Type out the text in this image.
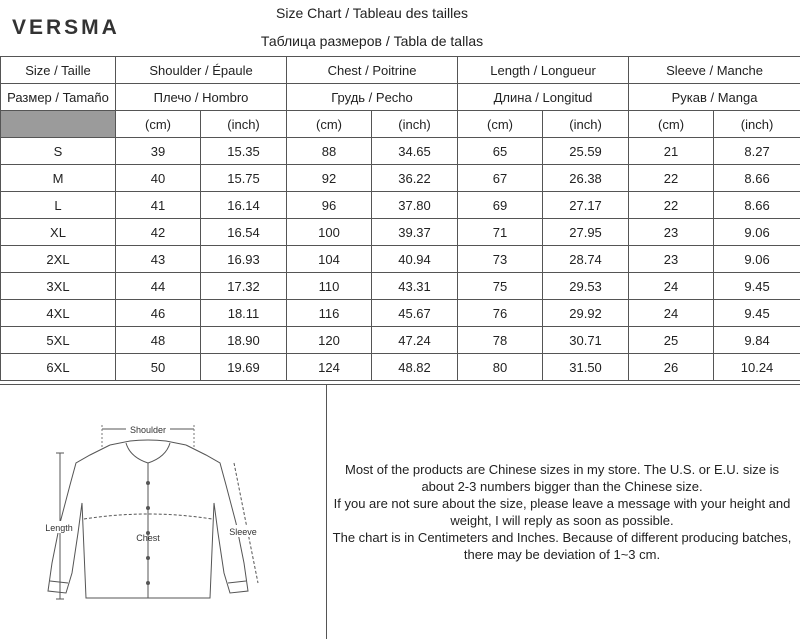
VERSMA
Size Chart / Tableau des tailles
Таблица размеров / Tabla de tallas
Size / Taille	Shoulder / Épaule		Chest / Poitrine		Length / Longueur		Sleeve / Manche	
Размер / Tamaño	Плечо / Hombro		Грудь / Pecho		Длина / Longitud		Рукав / Manga	
	(cm)	(inch)	(cm)	(inch)	(cm)	(inch)	(cm)	(inch)
S	39	15.35	88	34.65	65	25.59	21	8.27
M	40	15.75	92	36.22	67	26.38	22	8.66
L	41	16.14	96	37.80	69	27.17	22	8.66
XL	42	16.54	100	39.37	71	27.95	23	9.06
2XL	43	16.93	104	40.94	73	28.74	23	9.06
3XL	44	17.32	110	43.31	75	29.53	24	9.45
4XL	46	18.11	116	45.67	76	29.92	24	9.45
5XL	48	18.90	120	47.24	78	30.71	25	9.84
6XL	50	19.69	124	48.82	80	31.50	26	10.24
Shoulder
Chest
Length	Sleeve

Most of the products are Chinese sizes in my store. The U.S. or E.U. size is about 2-3 numbers bigger than the Chinese size.

If you are not sure about the size, please leave a message with your height and weight, I will reply as soon as possible.

The chart is in Centimeters and Inches. Because of different producing batches, there may be deviation of 1~3 cm.
